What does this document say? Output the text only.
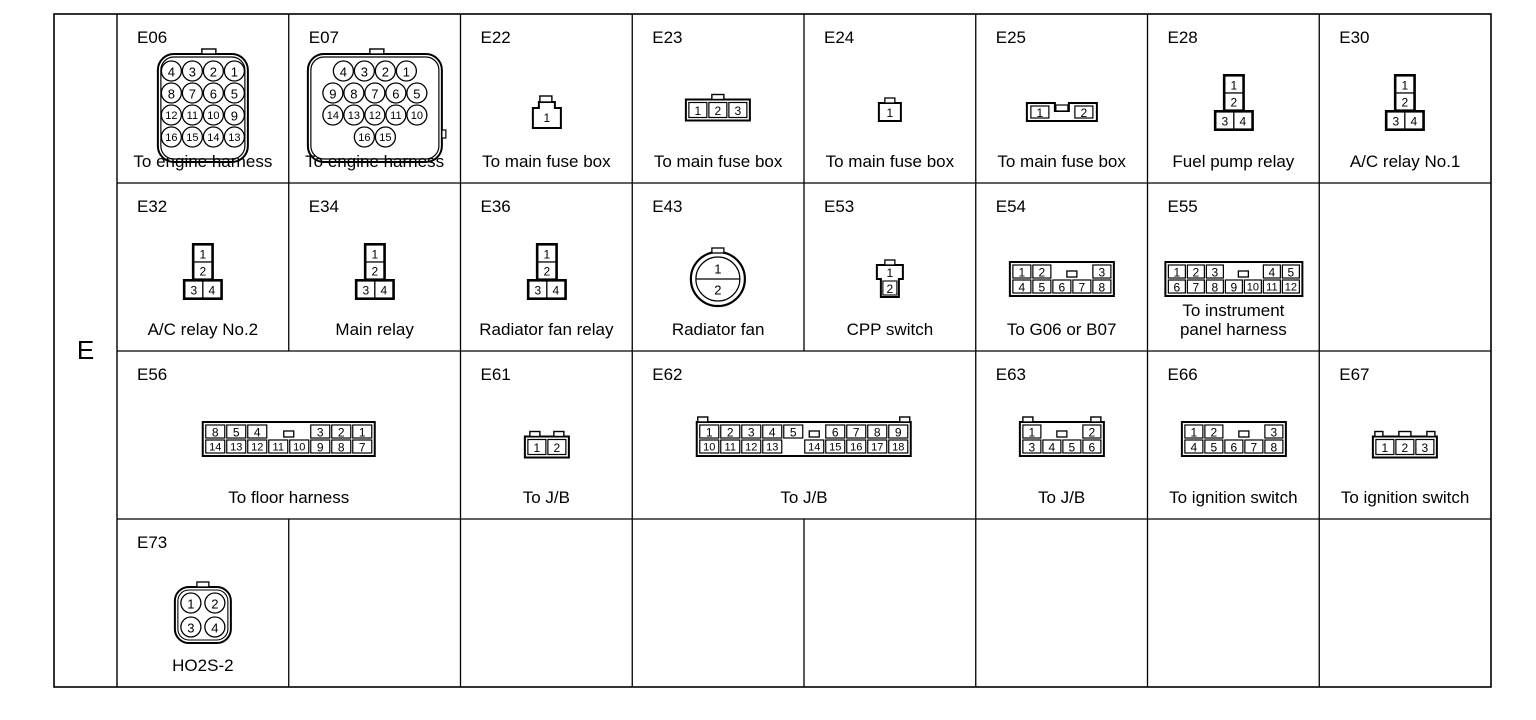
E
4 3 2 1
8 7 6 5
12 11 10 9
16 15 14 13
E06
To engine harness
4 3 2 1
9 8 7 6 5
14 13 12 11 10
16 15
E07
To engine harness
1
E22
To main fuse box
1 2 3
E23
To main fuse box
1
E24
To main fuse box
1	2
E25
To main fuse box
1
2
3 4
E28
Fuel pump relay
1
2
3 4
E30
A/C relay No.1
1
2
3 4
E32
A/C relay No.2
1
2
3 4
E34
Main relay
1
2
3 4
E36
Radiator fan relay
1
2
E43
Radiator fan
1
2
E53
CPP switch
1 2	3
4 5 6 7 8
E54
To G06 or B07
1 2 3	4 5
6 7 8 9 10 11 12
E55
To instrument
panel harness
8 5 4	3 2 1
14 13 12 11 10 9 8 7
E56
To floor harness
1 2
E61
To J/B
1 2 3 4 5	6 7 8 9
10 11 12 13	14 15 16 17 18
E62
To J/B
1	2
3 4 5 6
E63
To J/B
1 2	3
4 5 6 7 8
E66
To ignition switch
1 2 3
E67
To ignition switch
1 2
3 4
E73
HO2S-2
